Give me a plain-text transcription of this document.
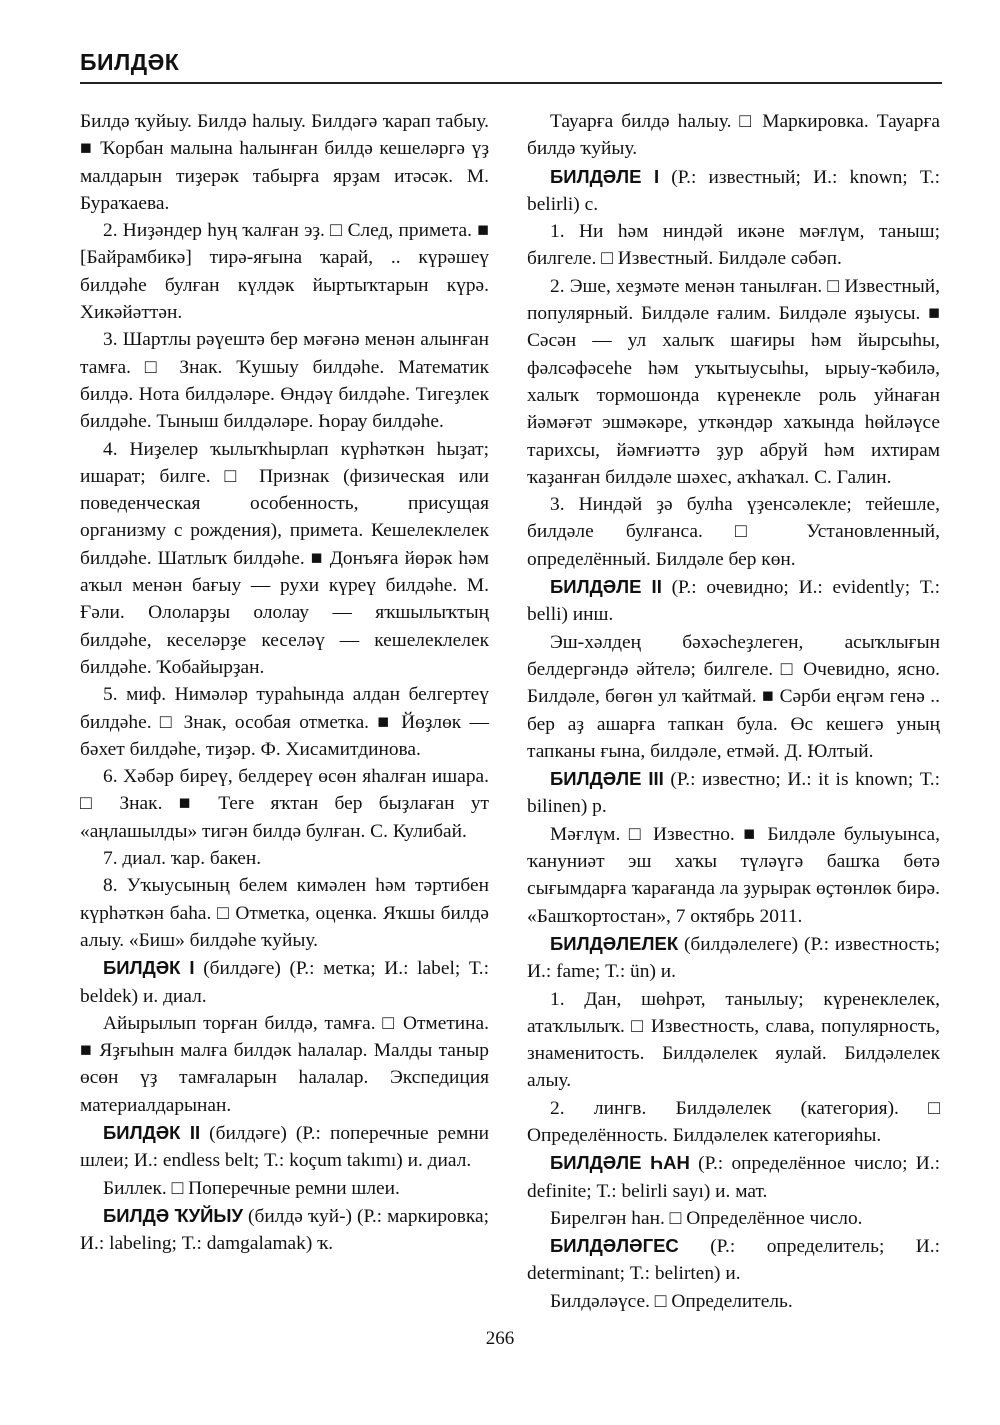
БИЛДӘК

Билдә ҡуйыу. Билдә һалыу. Билдәгә ҡарап табыу. ■ Ҡорбан малына һалынған билдә кешеләргә үҙ малдарын тиҙерәк табырға ярҙам итәсәк. М. Бураҡаева.

2. Ниҙәндер һуң ҡалған эҙ. □ След, примета. ■ [Байрамбикә] тирә-яғына ҡарай, .. күрәшеү билдәһе булған күлдәк йыртыҡтарын күрә. Хикәйәттән.

3. Шартлы рәүештә бер мәғәнә менән алынған тамға. □ Знак. Ҡушыу билдәһе. Математик билдә. Нота билдәләре. Өндәү билдәһе. Тигеҙлек билдәһе. Тыныш билдәләре. Һорау билдәһе.

4. Ниҙелер ҡылыҡһырлап күрһәткән һыҙат; ишарат; билге. □ Признак (физическая или поведенческая особенность, присущая организму с рождения), примета. Кешелеклелек билдәһе. Шатлыҡ билдәһе. ■ Донъяға йөрәк һәм аҡыл менән бағыу — рухи күреү билдәһе. М. Ғәли. Ололарҙы ололау — яҡшылыҡтың билдәһе, кеселәрҙе кеселәү — кешелеклелек билдәһе. Ҡобайырҙан.

5. миф. Нимәләр тураһында алдан белгертеү билдәһе. □ Знак, особая отметка. ■ Йөҙлөк — бәхет билдәһе, тиҙәр. Ф. Хисамитдинова.

6. Хәбәр биреү, белдереү өсөн яһалған ишара. □ Знак. ■ Теге яҡтан бер быҙлаған ут «аңлашылды» тигән билдә булған. С. Кулибай.

7. диал. ҡар. бакен.

8. Уҡыусының белем кимәлен һәм тәртибен күрһәткән баһа. □ Отметка, оценка. Яҡшы билдә алыу. «Биш» билдәһе ҡуйыу.

БИЛДӘК I (билдәге) (Р.: метка; И.: label; Т.: beldek) и. диал.

Айырылып торған билдә, тамға. □ Отметина. ■ Яҙғыһын малға билдәк һалалар. Малды таныр өсөн үҙ тамғаларын һалалар. Экспедиция материалдарынан.

БИЛДӘК II (билдәге) (Р.: поперечные ремни шлеи; И.: endless belt; Т.: koçum takımı) и. диал.

Биллек. □ Поперечные ремни шлеи.

БИЛДӘ ҠУЙЫУ (билдә ҡуй-) (Р.: маркировка; И.: labeling; Т.: damgalamak) ҡ.

Тауарға билдә һалыу. □ Маркировка. Тауарға билдә ҡуйыу.

БИЛДӘЛЕ I (Р.: известный; И.: known; Т.: belirli) с.

1. Ни һәм ниндәй икәне мәғлүм, таныш; билгеле. □ Известный. Билдәле сәбәп.

2. Эше, хеҙмәте менән танылған. □ Известный, популярный. Билдәле ғалим. Билдәле яҙыусы. ■ Сәсән — ул халыҡ шағиры һәм йырсыһы, фәлсәфәсеһе һәм уҡытыусыһы, ырыу-ҡәбилә, халыҡ тормошонда күренекле роль уйнаған йәмәғәт эшмәкәре, уткәндәр хаҡында һөйләүсе тарихсы, йәмғиәттә ҙур абруй һәм ихтирам ҡаҙанған билдәле шәхес, аҡһаҡал. С. Галин.

3. Ниндәй ҙә булһа үҙенсәлекле; тейешле, билдәле булғанса. □ Установленный, определённый. Билдәле бер көн.

БИЛДӘЛЕ II (Р.: очевидно; И.: evidently; Т.: belli) инш.

Эш-хәлдең бәхәсһеҙлеген, асыҡлығын белдергәндә әйтелә; билгеле. □ Очевидно, ясно. Билдәле, бөгөн ул ҡайтмай. ■ Сәрби еңгәм генә .. бер аҙ ашарға тапкан була. Өс кешегә уның тапканы ғына, билдәле, етмәй. Д. Юлтый.

БИЛДӘЛЕ III (Р.: известно; И.: it is known; Т.: bilinen) р.

Мәғлүм. □ Известно. ■ Билдәле булыуынса, ҡануниәт эш хаҡы түләүгә башҡа бөтә сығымдарға ҡарағанда ла ҙурырак өҫтөнлөк бирә. «Башҡортостан», 7 октябрь 2011.

БИЛДӘЛЕЛЕК (билдәлелеге) (Р.: известность; И.: fame; Т.: ün) и.

1. Дан, шөһрәт, танылыу; күренеклелек, атаҡлылыҡ. □ Известность, слава, популярность, знаменитость. Билдәлелек яулай. Билдәлелек алыу.

2. лингв. Билдәлелек (категория). □ Определённость. Билдәлелек категорияһы.

БИЛДӘЛЕ ҺАН (Р.: определённое число; И.: definite; Т.: belirli sayı) и. мат.

Бирелгән һан. □ Определённое число.

БИЛДӘЛӘГЕС (Р.: определитель; И.: determinant; Т.: belirten) и.

Билдәләүсе. □ Определитель.

266
